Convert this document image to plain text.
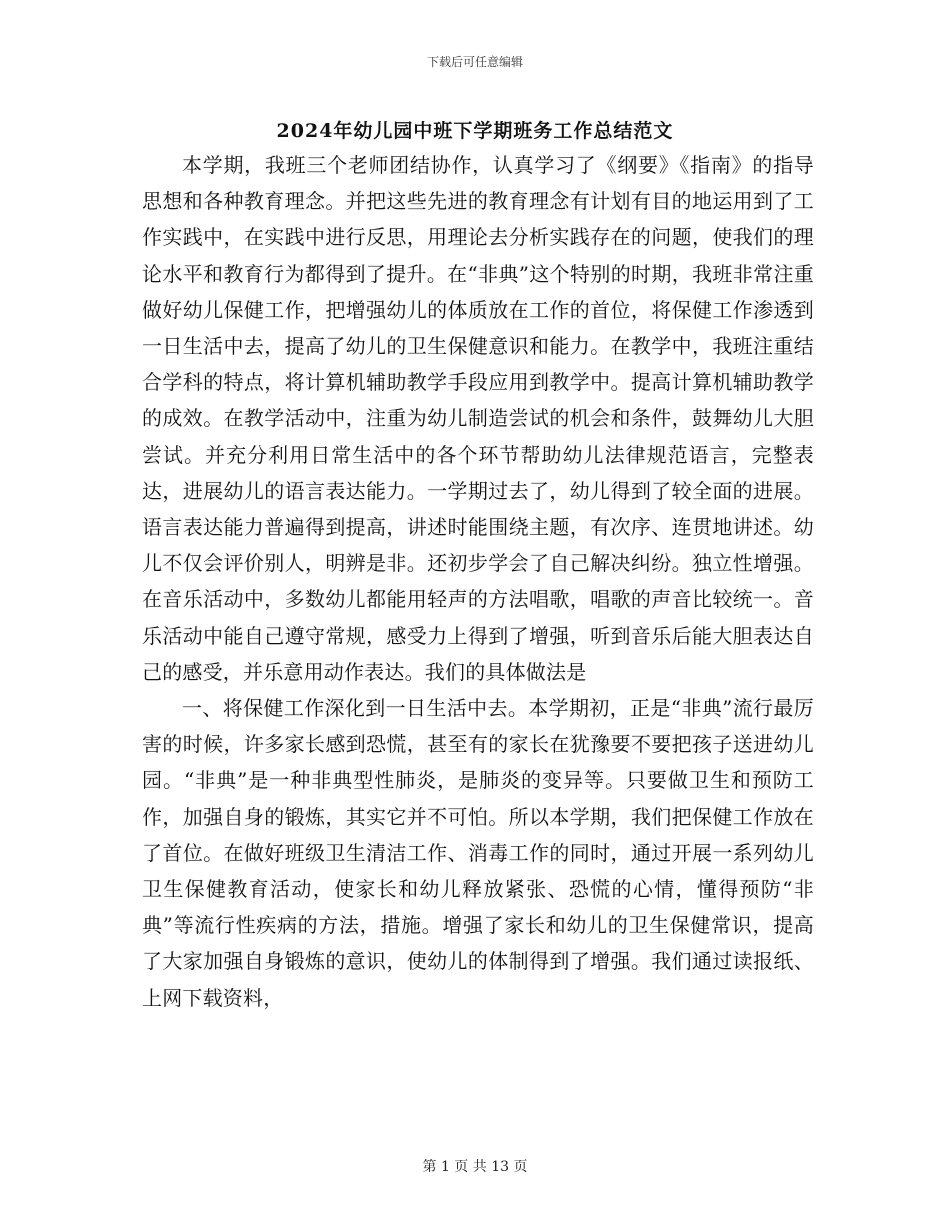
下载后可任意编辑
2024年幼儿园中班下学期班务工作总结范文

本学期，我班三个老师团结协作，认真学习了《纲要》《指南》的指导思想和各种教育理念。并把这些先进的教育理念有计划有目的地运用到了工作实践中，在实践中进行反思，用理论去分析实践存在的问题，使我们的理论水平和教育行为都得到了提升。在“非典”这个特别的时期，我班非常注重做好幼儿保健工作，把增强幼儿的体质放在工作的首位，将保健工作渗透到一日生活中去，提高了幼儿的卫生保健意识和能力。在教学中，我班注重结合学科的特点，将计算机辅助教学手段应用到教学中。提高计算机辅助教学的成效。在教学活动中，注重为幼儿制造尝试的机会和条件，鼓舞幼儿大胆尝试。并充分利用日常生活中的各个环节帮助幼儿法律规范语言，完整表达，进展幼儿的语言表达能力。一学期过去了，幼儿得到了较全面的进展。语言表达能力普遍得到提高，讲述时能围绕主题，有次序、连贯地讲述。幼儿不仅会评价别人，明辨是非。还初步学会了自己解决纠纷。独立性增强。在音乐活动中，多数幼儿都能用轻声的方法唱歌，唱歌的声音比较统一。音乐活动中能自己遵守常规，感受力上得到了增强，听到音乐后能大胆表达自己的感受，并乐意用动作表达。我们的具体做法是

一、将保健工作深化到一日生活中去。本学期初，正是“非典”流行最厉害的时候，许多家长感到恐慌，甚至有的家长在犹豫要不要把孩子送进幼儿园。“非典”是一种非典型性肺炎，是肺炎的变异等。只要做卫生和预防工作，加强自身的锻炼，其实它并不可怕。所以本学期，我们把保健工作放在了首位。在做好班级卫生清洁工作、消毒工作的同时，通过开展一系列幼儿卫生保健教育活动，使家长和幼儿释放紧张、恐慌的心情，懂得预防“非典”等流行性疾病的方法，措施。增强了家长和幼儿的卫生保健常识，提高了大家加强自身锻炼的意识，使幼儿的体制得到了增强。我们通过读报纸、上网下载资料，

第 1 页 共 13 页
